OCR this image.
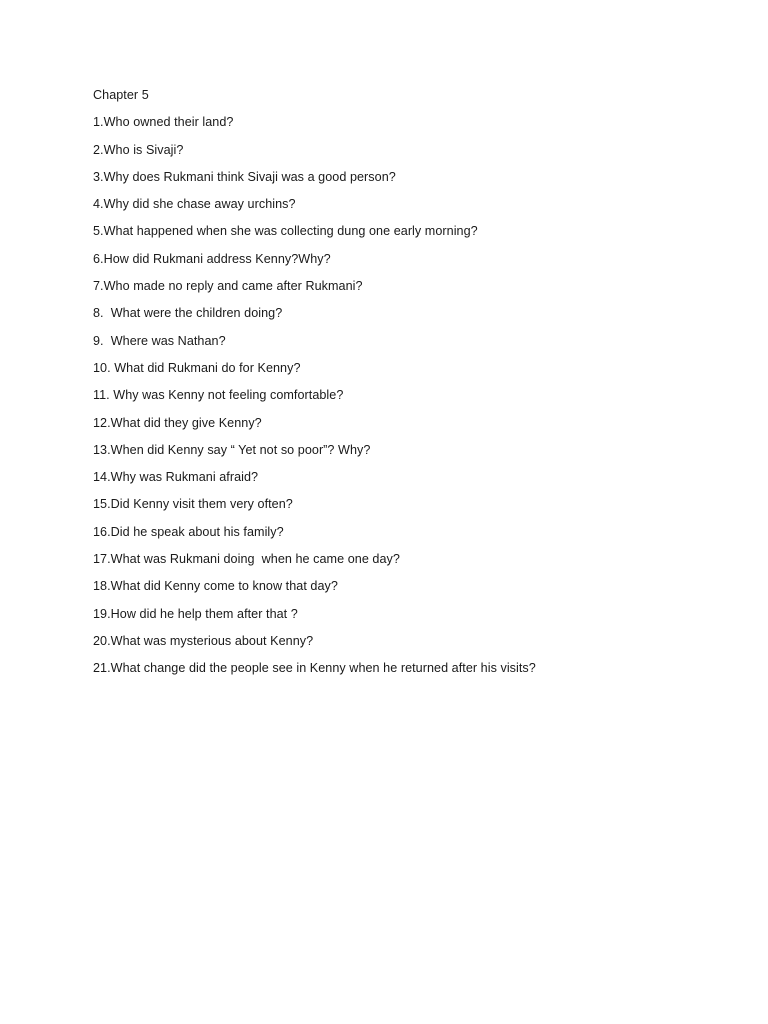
Chapter 5
1.Who owned their land?
2.Who is Sivaji?
3.Why does Rukmani think Sivaji was a good person?
4.Why did she chase away urchins?
5.What happened when she was collecting dung one early morning?
6.How did Rukmani address Kenny?Why?
7.Who made no reply and came after Rukmani?
8.  What were the children doing?
9.  Where was Nathan?
10. What did Rukmani do for Kenny?
11. Why was Kenny not feeling comfortable?
12.What did they give Kenny?
13.When did Kenny say “ Yet not so poor”? Why?
14.Why was Rukmani afraid?
15.Did Kenny visit them very often?
16.Did he speak about his family?
17.What was Rukmani doing  when he came one day?
18.What did Kenny come to know that day?
19.How did he help them after that ?
20.What was mysterious about Kenny?
21.What change did the people see in Kenny when he returned after his visits?
